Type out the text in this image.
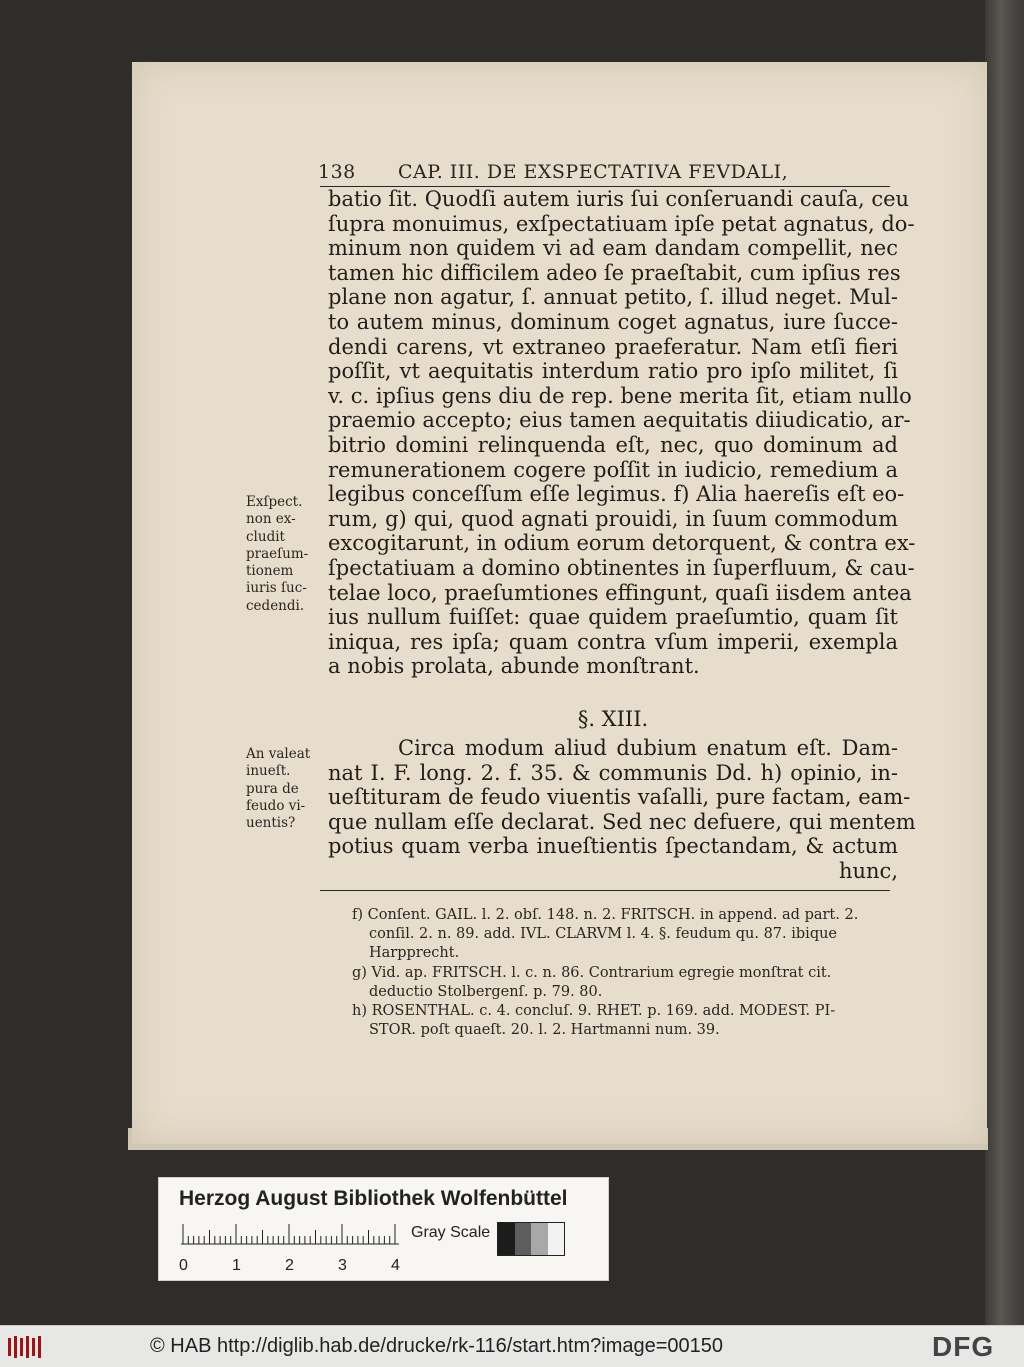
138 CAP. III. DE EXSPECTATIVA FEVDALI,
batio ſit. Quodſi autem iuris ſui conſeruandi cauſa, ceu
ſupra monuimus, exſpectatiuam ipſe petat agnatus, do-
minum non quidem vi ad eam dandam compellit, nec
tamen hic difficilem adeo ſe praeſtabit, cum ipſius res
plane non agatur, ſ. annuat petito, ſ. illud neget. Mul-
to autem minus, dominum coget agnatus, iure ſucce-
dendi carens, vt extraneo praeferatur. Nam etſi fieri
poſſit, vt aequitatis interdum ratio pro ipſo militet, ſi
v. c. ipſius gens diu de rep. bene merita ſit, etiam nullo
praemio accepto; eius tamen aequitatis diiudicatio, ar-
bitrio domini relinquenda eſt, nec, quo dominum ad
remunerationem cogere poſſit in iudicio, remedium a
legibus conceſſum eſſe legimus. f) Alia haereſis eſt eo-
rum, g) qui, quod agnati prouidi, in ſuum commodum
excogitarunt, in odium eorum detorquent, & contra ex-
ſpectatiuam a domino obtinentes in ſuperfluum, & cau-
telae loco, praeſumtiones effingunt, quaſi iisdem antea
ius nullum fuiſſet: quae quidem praeſumtio, quam ſit
iniqua, res ipſa; quam contra vſum imperii, exempla
a nobis prolata, abunde monſtrant.
Exſpect.
non ex-
cludit
praeſum-
tionem
iuris ſuc-
cedendi.
§. XIII.
Circa modum aliud dubium enatum eſt. Dam-
nat I. F. long. 2. f. 35. & communis Dd. h) opinio, in-
ueſtituram de feudo viuentis vaſalli, pure factam, eam-
que nullam eſſe declarat. Sed nec defuere, qui mentem
potius quam verba inueſtientis ſpectandam, & actum
hunc,
An valeat
inueſt.
pura de
feudo vi-
uentis?
f) Conſent. GAIL. l. 2. obſ. 148. n. 2. FRITSCH. in append. ad part. 2.
conſil. 2. n. 89. add. IVL. CLARVM l. 4. §. feudum qu. 87. ibique
Harpprecht.
g) Vid. ap. FRITSCH. l. c. n. 86. Contrarium egregie monſtrat cit.
deductio Stolbergenſ. p. 79. 80.
h) ROSENTHAL. c. 4. concluſ. 9. RHET. p. 169. add. MODEST. PI-
STOR. poſt quaeſt. 20. l. 2. Hartmanni num. 39.
Herzog August Bibliothek Wolfenbüttel
0	1	2	3	4
Gray Scale
© HAB http://diglib.hab.de/drucke/rk-116/start.htm?image=00150	DFG
